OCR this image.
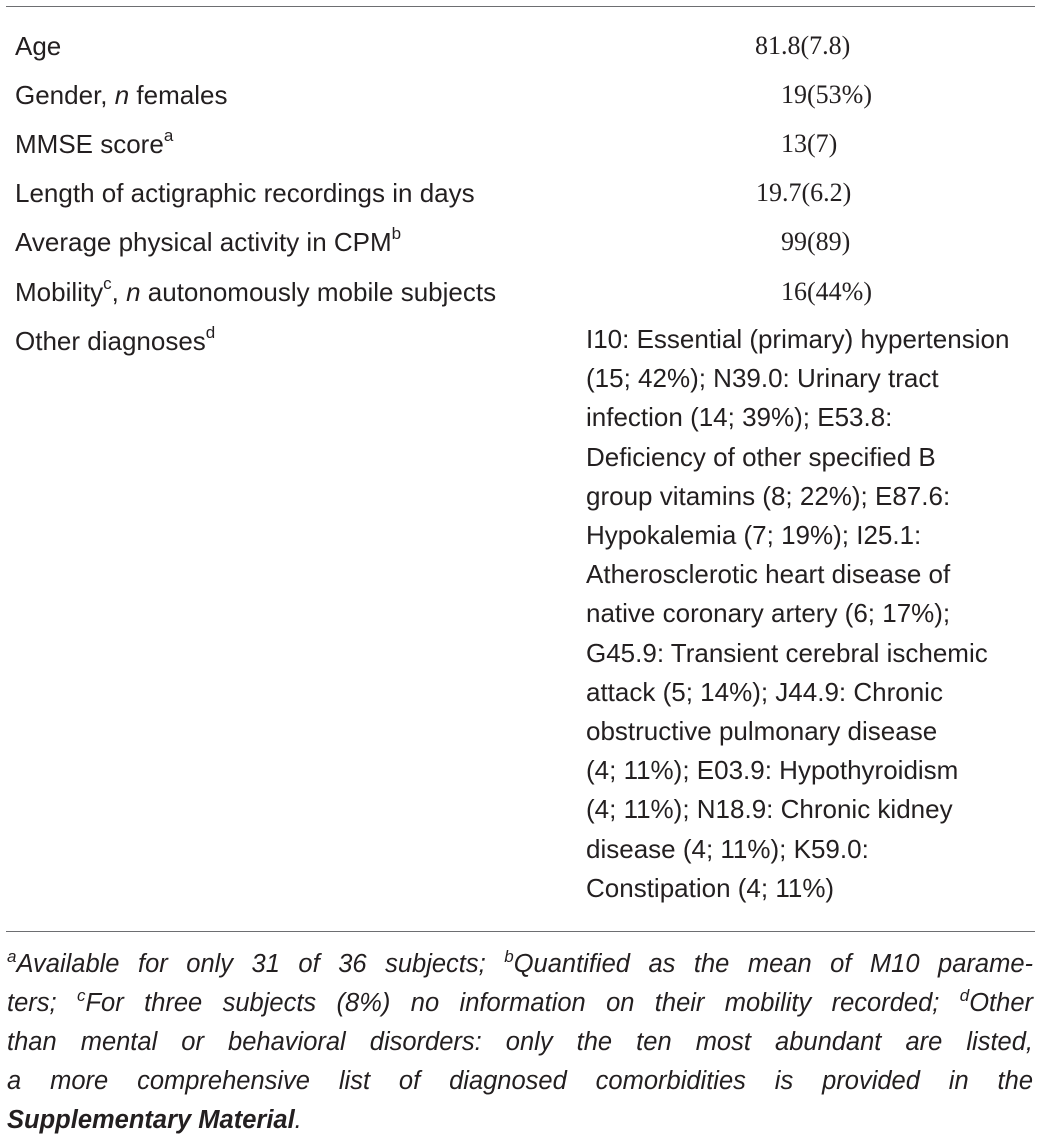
Age	81.8(7.8)
Gender, n females	19(53%)
MMSE score$^a$	13(7)
Length of actigraphic recordings in days	19.7(6.2)
Average physical activity in CPM$^b$	99(89)
Mobility$^c$, n autonomously mobile subjects	16(44%)
Other diagnoses$^d$	I10: Essential (primary) hypertension
(15; 42%); N39.0: Urinary tract
infection (14; 39%); E53.8:
Deficiency of other specified B
group vitamins (8; 22%); E87.6:
Hypokalemia (7; 19%); I25.1:
Atherosclerotic heart disease of
native coronary artery (6; 17%);
G45.9: Transient cerebral ischemic
attack (5; 14%); J44.9: Chronic
obstructive pulmonary disease
(4; 11%); E03.9: Hypothyroidism
(4; 11%); N18.9: Chronic kidney
disease (4; 11%); K59.0:
Constipation (4; 11%)
$^a$Available for only 31 of 36 subjects; $^b$Quantified as the mean of M10 parame-
ters; $^c$For three subjects (8%) no information on their mobility recorded; $^d$Other
than mental or behavioral disorders: only the ten most abundant are listed,
a more comprehensive list of diagnosed comorbidities is provided in the
Supplementary Material.
